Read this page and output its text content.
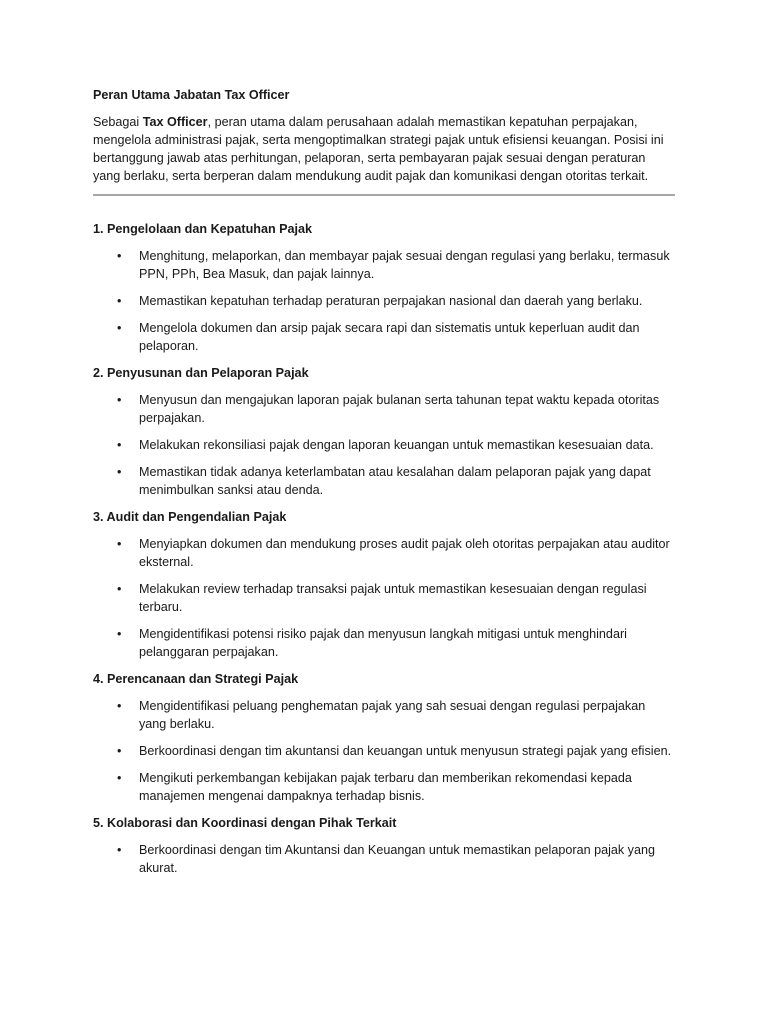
Peran Utama Jabatan Tax Officer

Sebagai Tax Officer, peran utama dalam perusahaan adalah memastikan kepatuhan perpajakan, mengelola administrasi pajak, serta mengoptimalkan strategi pajak untuk efisiensi keuangan. Posisi ini bertanggung jawab atas perhitungan, pelaporan, serta pembayaran pajak sesuai dengan peraturan yang berlaku, serta berperan dalam mendukung audit pajak dan komunikasi dengan otoritas terkait.

1. Pengelolaan dan Kepatuhan Pajak

• Menghitung, melaporkan, dan membayar pajak sesuai dengan regulasi yang berlaku, termasuk PPN, PPh, Bea Masuk, dan pajak lainnya.
• Memastikan kepatuhan terhadap peraturan perpajakan nasional dan daerah yang berlaku.
• Mengelola dokumen dan arsip pajak secara rapi dan sistematis untuk keperluan audit dan pelaporan.

2. Penyusunan dan Pelaporan Pajak

• Menyusun dan mengajukan laporan pajak bulanan serta tahunan tepat waktu kepada otoritas perpajakan.
• Melakukan rekonsiliasi pajak dengan laporan keuangan untuk memastikan kesesuaian data.
• Memastikan tidak adanya keterlambatan atau kesalahan dalam pelaporan pajak yang dapat menimbulkan sanksi atau denda.

3. Audit dan Pengendalian Pajak

• Menyiapkan dokumen dan mendukung proses audit pajak oleh otoritas perpajakan atau auditor eksternal.
• Melakukan review terhadap transaksi pajak untuk memastikan kesesuaian dengan regulasi terbaru.
• Mengidentifikasi potensi risiko pajak dan menyusun langkah mitigasi untuk menghindari pelanggaran perpajakan.

4. Perencanaan dan Strategi Pajak

• Mengidentifikasi peluang penghematan pajak yang sah sesuai dengan regulasi perpajakan yang berlaku.
• Berkoordinasi dengan tim akuntansi dan keuangan untuk menyusun strategi pajak yang efisien.
• Mengikuti perkembangan kebijakan pajak terbaru dan memberikan rekomendasi kepada manajemen mengenai dampaknya terhadap bisnis.

5. Kolaborasi dan Koordinasi dengan Pihak Terkait

• Berkoordinasi dengan tim Akuntansi dan Keuangan untuk memastikan pelaporan pajak yang akurat.
